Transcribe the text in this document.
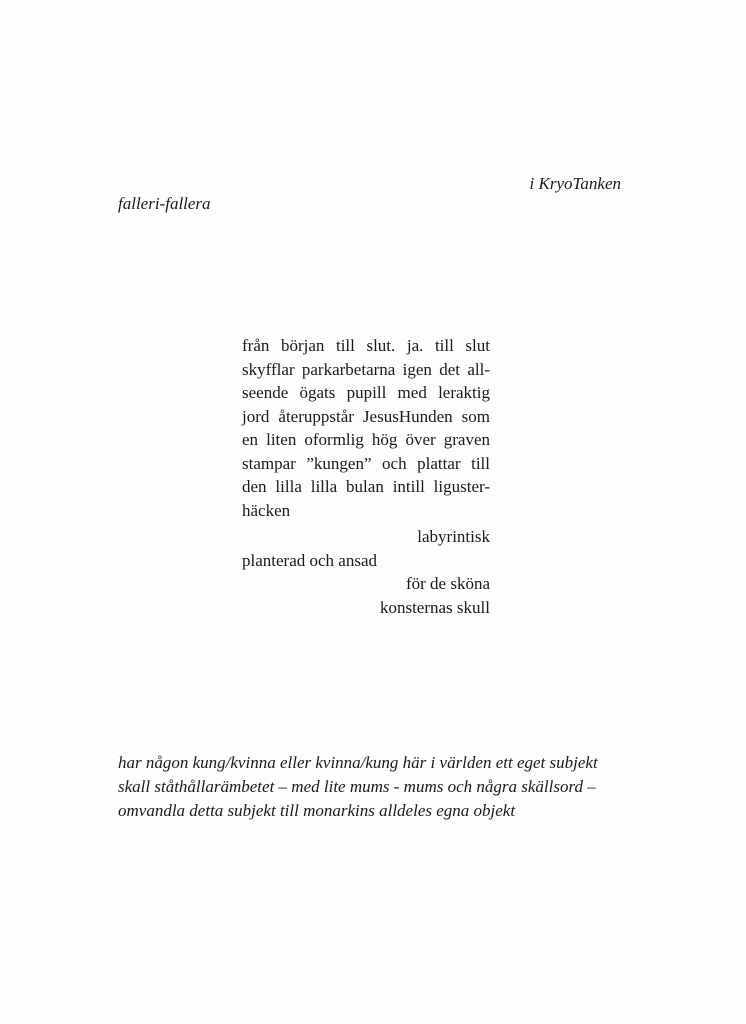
i KryoTanken
falleri-fallera
från början till slut. ja. till slut
skyfflar parkarbetarna igen det all-
seende ögats pupill med leraktig
jord återuppstår JesusHunden som
en liten oformlig hög över graven
stampar ”kungen” och plattar till
den lilla lilla bulan intill liguster-
häcken
labyrintisk
planterad och ansad
för de sköna
konsternas skull
har någon kung/kvinna eller kvinna/kung här i världen ett eget subjekt
skall ståthållarämbetet – med lite mums - mums och några skällsord –
omvandla detta subjekt till monarkins alldeles egna objekt
